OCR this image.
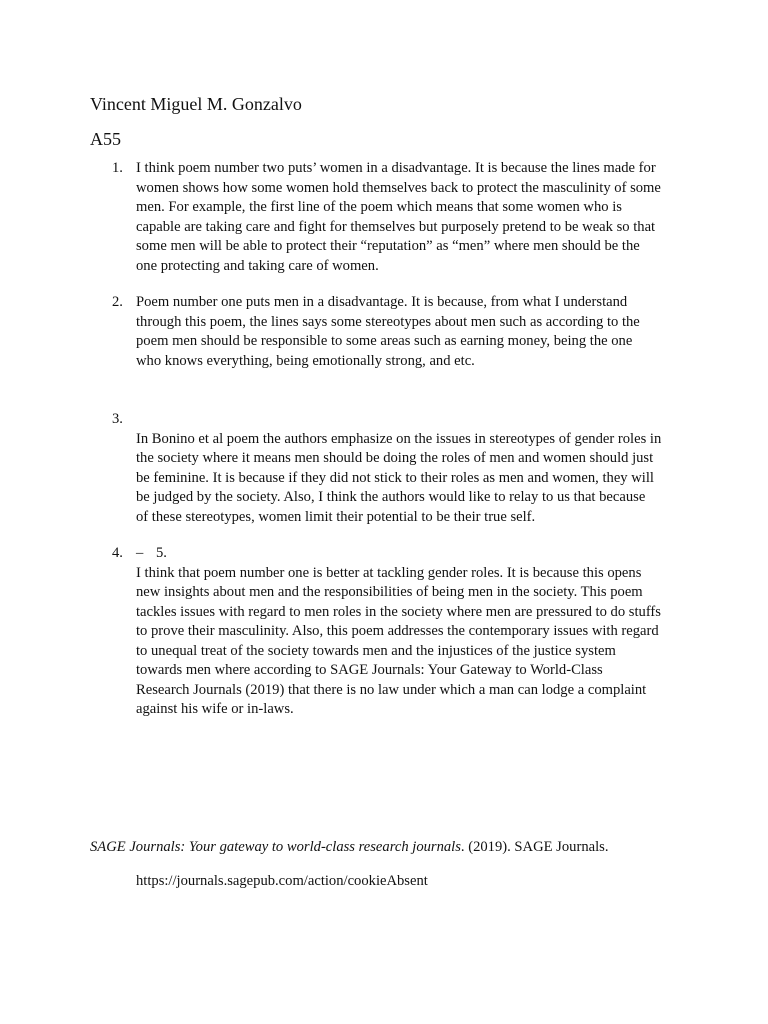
Vincent Miguel M. Gonzalvo
A55
1. I think poem number two puts’ women in a disadvantage. It is because the lines made for
women shows how some women hold themselves back to protect the masculinity of some
men. For example, the first line of the poem which means that some women who is
capable are taking care and fight for themselves but purposely pretend to be weak so that
some men will be able to protect their “reputation” as “men” where men should be the
one protecting and taking care of women.
2. Poem number one puts men in a disadvantage. It is because, from what I understand
through this poem, the lines says some stereotypes about men such as according to the
poem men should be responsible to some areas such as earning money, being the one
who knows everything, being emotionally strong, and etc.
3.
In Bonino et al poem the authors emphasize on the issues in stereotypes of gender roles in
the society where it means men should be doing the roles of men and women should just
be feminine. It is because if they did not stick to their roles as men and women, they will
be judged by the society. Also, I think the authors would like to relay to us that because
of these stereotypes, women limit their potential to be their true self.
4. – 5.
I think that poem number one is better at tackling gender roles. It is because this opens
new insights about men and the responsibilities of being men in the society. This poem
tackles issues with regard to men roles in the society where men are pressured to do stuffs
to prove their masculinity. Also, this poem addresses the contemporary issues with regard
to unequal treat of the society towards men and the injustices of the justice system
towards men where according to SAGE Journals: Your Gateway to World-Class
Research Journals (2019) that there is no law under which a man can lodge a complaint
against his wife or in-laws.
SAGE Journals: Your gateway to world-class research journals. (2019). SAGE Journals.
https://journals.sagepub.com/action/cookieAbsent
